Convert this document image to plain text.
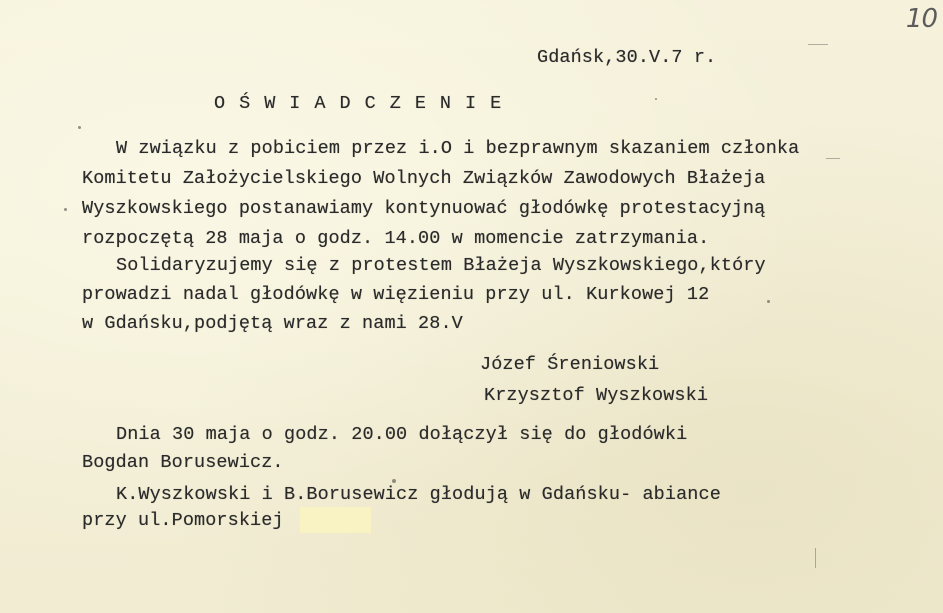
10
Gdańsk,30.V.7 r.
OŚWIADCZENIE
W związku z pobiciem przez i.O i bezprawnym skazaniem członka
Komitetu Założycielskiego Wolnych Związków Zawodowych Błażeja
Wyszkowskiego postanawiamy kontynuować głodówkę protestacyjną
rozpoczętą 28 maja o godz. 14.00 w momencie zatrzymania.
Solidaryzujemy się z protestem Błażeja Wyszkowskiego,który
prowadzi nadal głodówkę w więzieniu przy ul. Kurkowej 12
w Gdańsku,podjętą wraz z nami 28.V
Józef Śreniowski
Krzysztof Wyszkowski
Dnia 30 maja o godz. 20.00 dołączył się do głodówki
Bogdan Borusewicz.
K.Wyszkowski i B.Borusewicz głodują w Gdańsku- abiance
przy ul.Pomorskiej
